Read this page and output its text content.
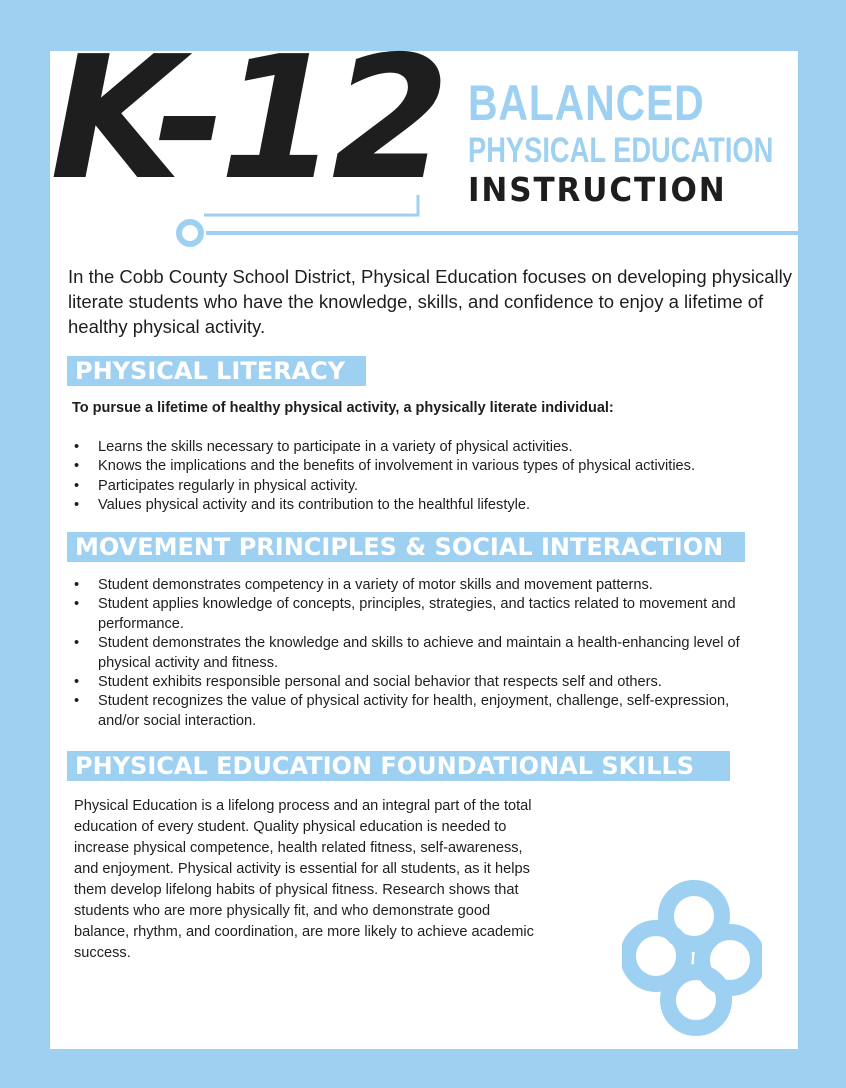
K-12 BALANCED
PHYSICAL EDUCATION
INSTRUCTION
In the Cobb County School District, Physical Education focuses on developing physically literate students who have the knowledge, skills, and confidence to enjoy a lifetime of healthy physical activity.
PHYSICAL LITERACY
To pursue a lifetime of healthy physical activity, a physically literate individual:
• Learns the skills necessary to participate in a variety of physical activities.
• Knows the implications and the benefits of involvement in various types of physical activities.
• Participates regularly in physical activity.
• Values physical activity and its contribution to the healthful lifestyle.
MOVEMENT PRINCIPLES & SOCIAL INTERACTION
• Student demonstrates competency in a variety of motor skills and movement patterns.
• Student applies knowledge of concepts, principles, strategies, and tactics related to movement and performance.
• Student demonstrates the knowledge and skills to achieve and maintain a health-enhancing level of physical activity and fitness.
• Student exhibits responsible personal and social behavior that respects self and others.
• Student recognizes the value of physical activity for health, enjoyment, challenge, self-expression, and/or social interaction.
PHYSICAL EDUCATION FOUNDATIONAL SKILLS
Physical Education is a lifelong process and an integral part of the total education of every student. Quality physical education is needed to increase physical competence, health related fitness, self-awareness, and enjoyment. Physical activity is essential for all students, as it helps them develop lifelong habits of physical fitness. Research shows that students who are more physically fit, and who demonstrate good balance, rhythm, and coordination, are more likely to achieve academic success.
